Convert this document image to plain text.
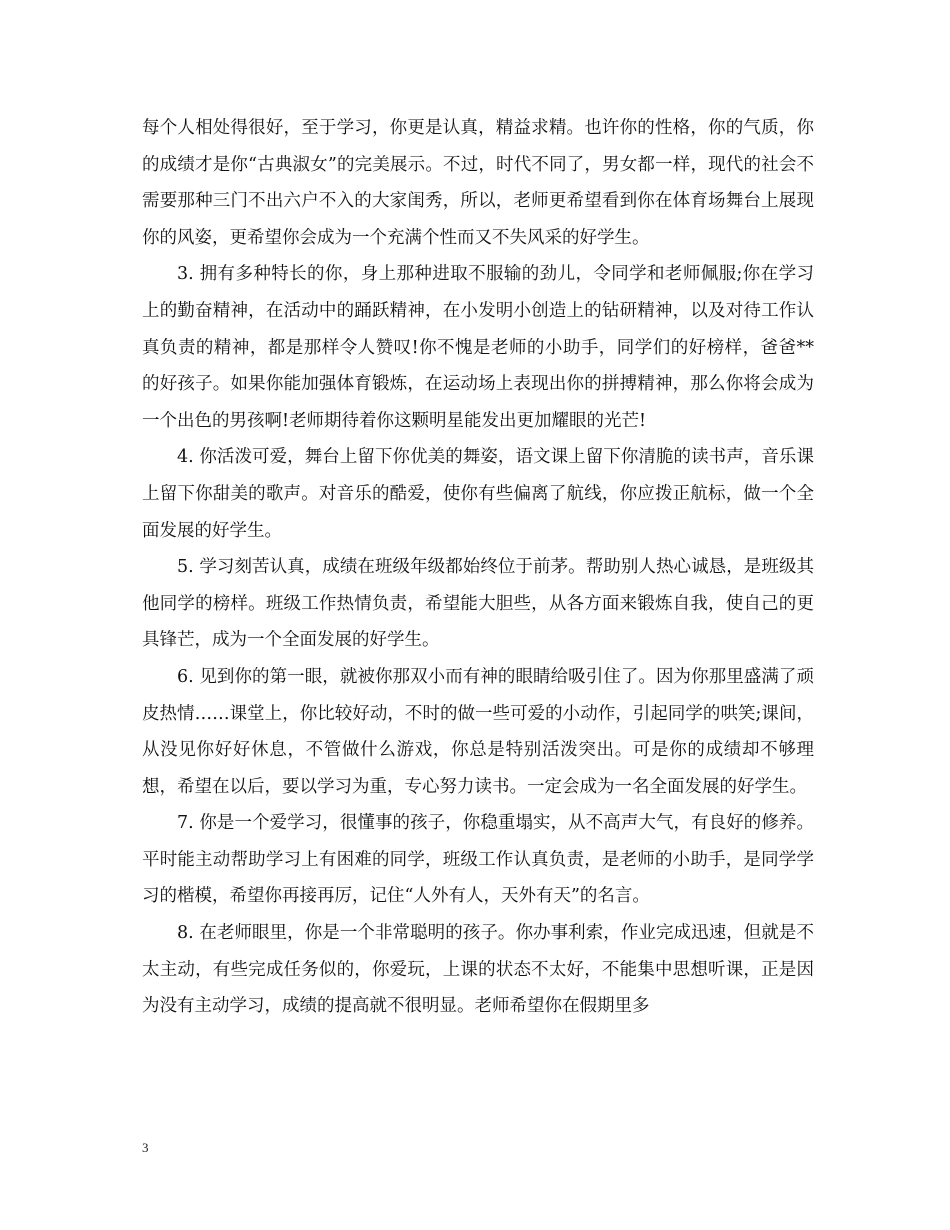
每个人相处得很好，至于学习，你更是认真，精益求精。也许你的性格，你的气质，你的成绩才是你“古典淑女”的完美展示。不过，时代不同了，男女都一样，现代的社会不需要那种三门不出六户不入的大家闺秀，所以，老师更希望看到你在体育场舞台上展现你的风姿，更希望你会成为一个充满个性而又不失风采的好学生。

3. 拥有多种特长的你，身上那种进取不服输的劲儿，令同学和老师佩服;你在学习上的勤奋精神，在活动中的踊跃精神，在小发明小创造上的钻研精神，以及对待工作认真负责的精神，都是那样令人赞叹!你不愧是老师的小助手，同学们的好榜样，爸爸**的好孩子。如果你能加强体育锻炼，在运动场上表现出你的拼搏精神，那么你将会成为一个出色的男孩啊!老师期待着你这颗明星能发出更加耀眼的光芒!

4. 你活泼可爱，舞台上留下你优美的舞姿，语文课上留下你清脆的读书声，音乐课上留下你甜美的歌声。对音乐的酷爱，使你有些偏离了航线，你应拨正航标，做一个全面发展的好学生。

5. 学习刻苦认真，成绩在班级年级都始终位于前茅。帮助别人热心诚恳，是班级其他同学的榜样。班级工作热情负责，希望能大胆些，从各方面来锻炼自我，使自己的更具锋芒，成为一个全面发展的好学生。

6. 见到你的第一眼，就被你那双小而有神的眼睛给吸引住了。因为你那里盛满了顽皮热情……课堂上，你比较好动，不时的做一些可爱的小动作，引起同学的哄笑;课间，从没见你好好休息，不管做什么游戏，你总是特别活泼突出。可是你的成绩却不够理想，希望在以后，要以学习为重，专心努力读书。一定会成为一名全面发展的好学生。

7. 你是一个爱学习，很懂事的孩子，你稳重塌实，从不高声大气，有良好的修养。平时能主动帮助学习上有困难的同学，班级工作认真负责，是老师的小助手，是同学学习的楷模，希望你再接再厉，记住“人外有人，天外有天”的名言。

8. 在老师眼里，你是一个非常聪明的孩子。你办事利索，作业完成迅速，但就是不太主动，有些完成任务似的，你爱玩，上课的状态不太好，不能集中思想听课，正是因为没有主动学习，成绩的提高就不很明显。老师希望你在假期里多

3
